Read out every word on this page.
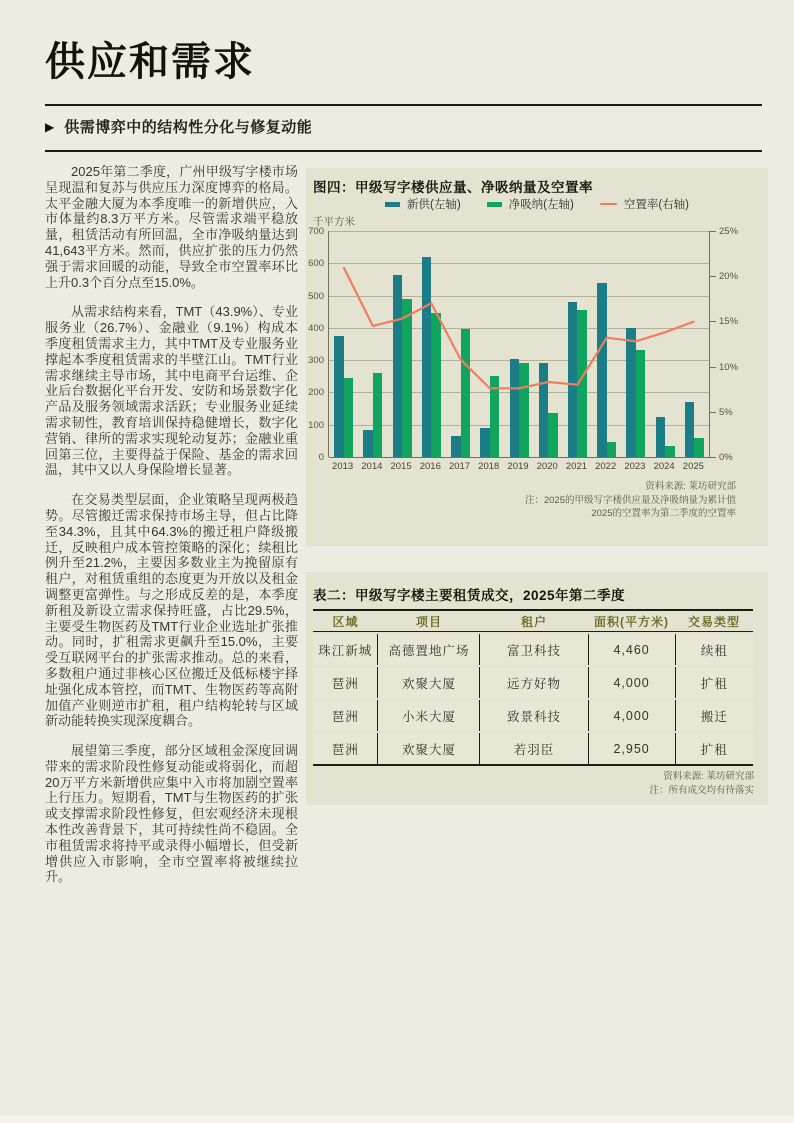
供应和需求
▶ 供需博弈中的结构性分化与修复动能

2025年第二季度，广州甲级写字楼市场呈现温和复苏与供应压力深度博弈的格局。太平金融大厦为本季度唯一的新增供应，入市体量约8.3万平方米。尽管需求端平稳放量，租赁活动有所回温，全市净吸纳量达到41,643平方米。然而，供应扩张的压力仍然强于需求回暖的动能，导致全市空置率环比上升0.3个百分点至15.0%。

从需求结构来看，TMT（43.9%）、专业服务业（26.7%）、金融业（9.1%）构成本季度租赁需求主力，其中TMT及专业服务业撑起本季度租赁需求的半壁江山。TMT行业需求继续主导市场，其中电商平台运维、企业后台数据化平台开发、安防和场景数字化产品及服务领域需求活跃；专业服务业延续需求韧性，教育培训保持稳健增长，数字化营销、律所的需求实现轮动复苏；金融业重回第三位，主要得益于保险、基金的需求回温，其中又以人身保险增长显著。

在交易类型层面，企业策略呈现两极趋势。尽管搬迁需求保持市场主导，但占比降至34.3%，且其中64.3%的搬迁租户降级搬迁，反映租户成本管控策略的深化；续租比例升至21.2%，主要因多数业主为挽留原有租户，对租赁重组的态度更为开放以及租金调整更富弹性。与之形成反差的是，本季度新租及新设立需求保持旺盛，占比29.5%，主要受生物医药及TMT行业企业选址扩张推动。同时，扩租需求更飙升至15.0%，主要受互联网平台的扩张需求推动。总的来看，多数租户通过非核心区位搬迁及低标楼宇择址强化成本管控，而TMT、生物医药等高附加值产业则逆市扩租，租户结构轮转与区域新动能转换实现深度耦合。

展望第三季度，部分区域租金深度回调带来的需求阶段性修复动能或将弱化，而超20万平方米新增供应集中入市将加剧空置率上行压力。短期看，TMT与生物医药的扩张或支撑需求阶段性修复，但宏观经济未现根本性改善背景下，其可持续性尚不稳固。全市租赁需求将持平或录得小幅增长，但受新增供应入市影响，全市空置率将被继续拉升。

图四：甲级写字楼供应量、净吸纳量及空置率
新供(左轴)	净吸纳(左轴)	空置率(右轴)
千平方米
700
600
500
400
300
200
100
0
25%
20%
15%
10%
5%
0%
2013 2014 2015 2016 2017 2018 2019 2020 2021 2022 2023 2024 2025
资料来源: 莱坊研究部
注：2025的甲级写字楼供应量及净吸纳量为累计值
2025的空置率为第二季度的空置率
表二：甲级写字楼主要租赁成交，2025年第二季度
区域	项目	租户	面积(平方米)	交易类型
珠江新城	高德置地广场	富卫科技	4,460	续租
琶洲	欢聚大厦	远方好物	4,000	扩租
琶洲	小米大厦	致景科技	4,000	搬迁
琶洲	欢聚大厦	若羽臣	2,950	扩租
资料来源: 莱坊研究部
注：所有成交均有待落实
